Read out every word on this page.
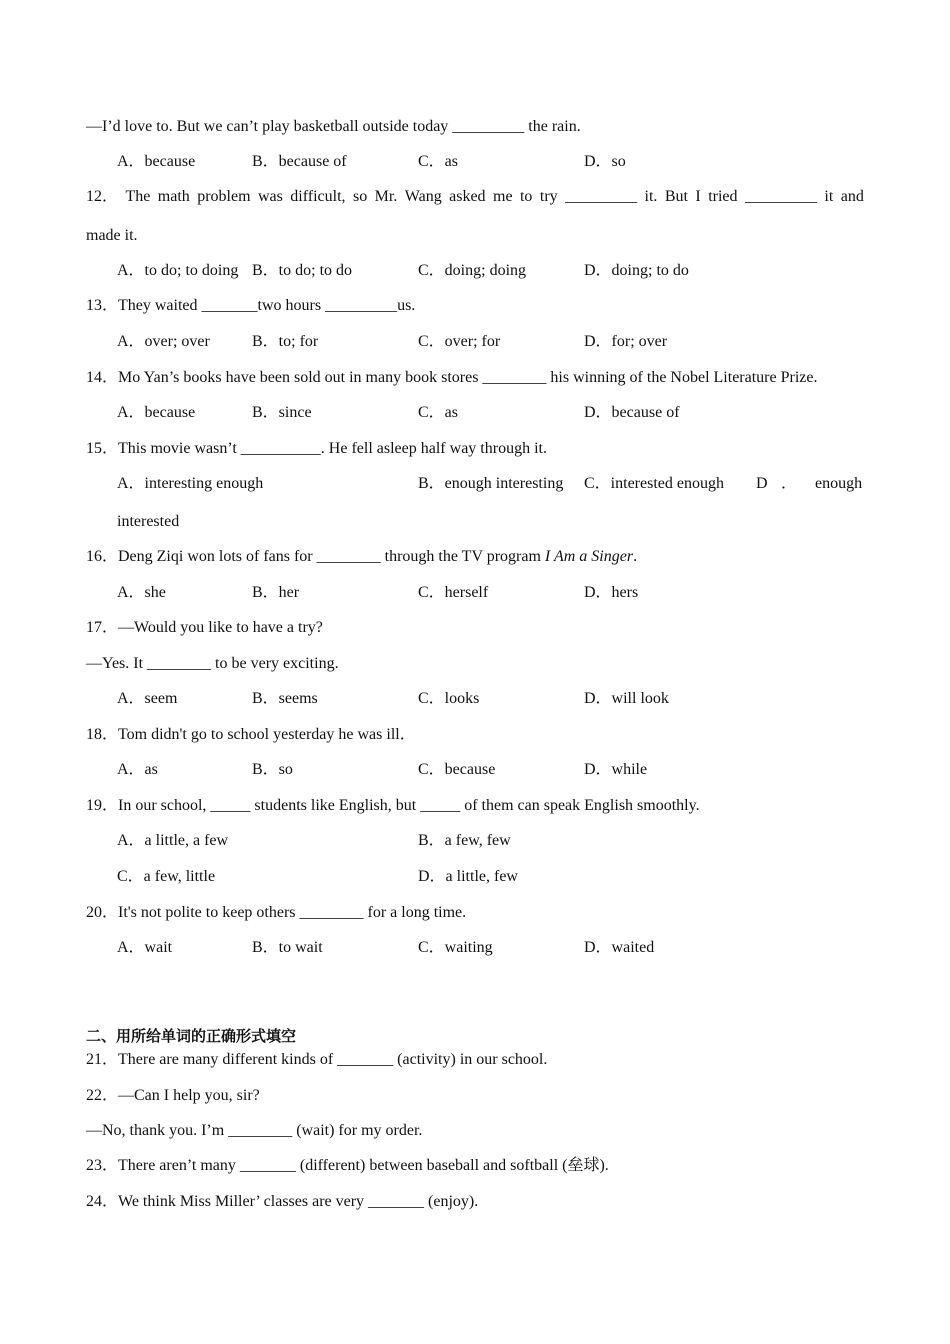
—I’d love to. But we can’t play basketball outside today _________ the rain.
A．because	B．because of	C．as	D．so
12． The math problem was difficult, so Mr. Wang asked me to try _________ it. But I tried _________ it and
made it.
A．to do; to doing B．to do; to do	C．doing; doing	D．doing; to do
13．They waited _______two hours _________us.
A．over; over	B．to; for	C．over; for	D．for; over
14．Mo Yan’s books have been sold out in many book stores ________ his winning of the Nobel Literature Prize.
A．because	B．since	C．as	D．because of
15．This movie wasn’t __________. He fell asleep half way through it.
A．interesting enough	B．enough interesting C．interested enough D ． enough
interested
16．Deng Ziqi won lots of fans for ________ through the TV program I Am a Singer.
A．she	B．her	C．herself	D．hers
17．—Would you like to have a try?
—Yes. It ________ to be very exciting.
A．seem	B．seems	C．looks	D．will look
18．Tom didn't go to school yesterday he was ill．
A．as	B．so	C．because	D．while
19．In our school, _____ students like English, but _____ of them can speak English smoothly.
A．a little, a few	B．a few, few
C．a few, little	D．a little, few
20．It's not polite to keep others ________ for a long time.
A．wait	B．to wait	C．waiting	D．waited
二、用所给单词的正确形式填空
21．There are many different kinds of _______ (activity) in our school.
22．—Can I help you, sir?
—No, thank you. I’m ________ (wait) for my order.
23．There aren’t many _______ (different) between baseball and softball (垒球).
24．We think Miss Miller’ classes are very _______ (enjoy).
